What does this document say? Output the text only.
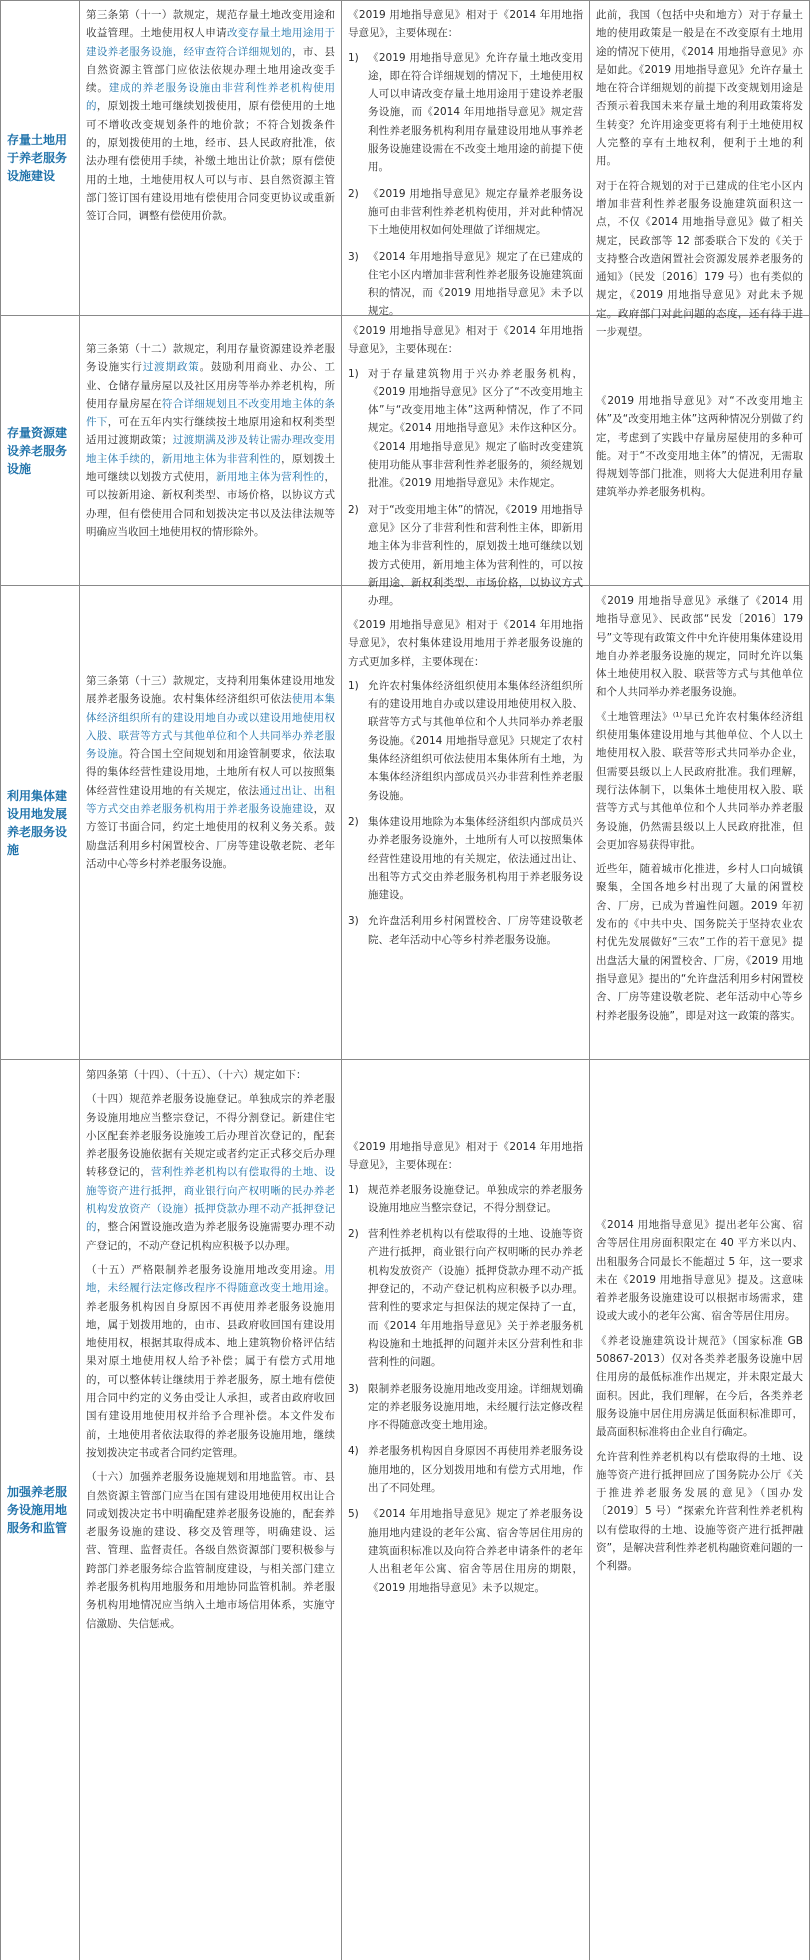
存量土地用于养老服务设施建设

第三条第（十一）款规定，规范存量土地改变用途和收益管理。土地使用权人申请改变存量土地用途用于建设养老服务设施，经审查符合详细规划的，市、县自然资源主管部门应依法依规办理土地用途改变手续。建成的养老服务设施由非营利性养老机构使用的，原划拨土地可继续划拨使用，原有偿使用的土地可不增收改变规划条件的地价款；不符合划拨条件的，原划拨使用的土地，经市、县人民政府批准，依法办理有偿使用手续，补缴土地出让价款；原有偿使用的土地，土地使用权人可以与市、县自然资源主管部门签订国有建设用地有偿使用合同变更协议或重新签订合同，调整有偿使用价款。

《2019 用地指导意见》相对于《2014 年用地指导意见》，主要体现在：

1) 《2019 用地指导意见》允许存量土地改变用途，即在符合详细规划的情况下，土地使用权人可以申请改变存量土地用途用于建设养老服务设施，而《2014 年用地指导意见》规定营利性养老服务机构利用存量建设用地从事养老服务设施建设需在不改变土地用途的前提下使用。
2) 《2019 用地指导意见》规定存量养老服务设施可由非营利性养老机构使用，并对此种情况下土地使用权如何处理做了详细规定。
3) 《2014 年用地指导意见》规定了在已建成的住宅小区内增加非营利性养老服务设施建筑面积的情况，而《2019 用地指导意见》未予以规定。

此前，我国（包括中央和地方）对于存量土地的使用政策是一般是在不改变原有土地用途的情况下使用，《2014 用地指导意见》亦是如此。《2019 用地指导意见》允许存量土地在符合详细规划的前提下改变规划用途是否预示着我国未来存量土地的利用政策将发生转变？允许用途变更将有利于土地使用权人完整的享有土地权利，便利于土地的利用。

对于在符合规划的对于已建成的住宅小区内增加非营利性养老服务设施建筑面积这一点，不仅《2014 用地指导意见》做了相关规定，民政部等 12 部委联合下发的《关于支持整合改造闲置社会资源发展养老服务的通知》（民发〔2016〕179 号）也有类似的规定，《2019 用地指导意见》对此未予规定。政府部门对此问题的态度，还有待于进一步观望。

存量资源建设养老服务设施

第三条第（十二）款规定，利用存量资源建设养老服务设施实行过渡期政策。鼓励利用商业、办公、工业、仓储存量房屋以及社区用房等举办养老机构，所使用存量房屋在符合详细规划且不改变用地主体的条件下，可在五年内实行继续按土地原用途和权利类型适用过渡期政策；过渡期满及涉及转让需办理改变用地主体手续的，新用地主体为非营利性的，原划拨土地可继续以划拨方式使用，新用地主体为营利性的，可以按新用途、新权利类型、市场价格，以协议方式办理，但有偿使用合同和划拨决定书以及法律法规等明确应当收回土地使用权的情形除外。

《2019 用地指导意见》相对于《2014 年用地指导意见》，主要体现在：

1) 对于存量建筑物用于兴办养老服务机构，《2019 用地指导意见》区分了“不改变用地主体”与“改变用地主体”这两种情况，作了不同规定。《2014 用地指导意见》未作这种区分。《2014 用地指导意见》规定了临时改变建筑使用功能从事非营利性养老服务的，须经规划批准。《2019 用地指导意见》未作规定。
2) 对于“改变用地主体”的情况，《2019 用地指导意见》区分了非营利性和营利性主体，即新用地主体为非营利性的，原划拨土地可继续以划拨方式使用，新用地主体为营利性的，可以按新用途、新权利类型、市场价格，以协议方式办理。

《2019 用地指导意见》对“不改变用地主体”及“改变用地主体”这两种情况分别做了约定，考虑到了实践中存量房屋使用的多种可能。对于“不改变用地主体”的情况，无需取得规划等部门批准，则将大大促进利用存量建筑举办养老服务机构。

利用集体建设用地发展养老服务设施

第三条第（十三）款规定，支持利用集体建设用地发展养老服务设施。农村集体经济组织可依法使用本集体经济组织所有的建设用地自办或以建设用地使用权入股、联营等方式与其他单位和个人共同举办养老服务设施。符合国土空间规划和用途管制要求，依法取得的集体经营性建设用地，土地所有权人可以按照集体经营性建设用地的有关规定，依法通过出让、出租等方式交由养老服务机构用于养老服务设施建设，双方签订书面合同，约定土地使用的权利义务关系。鼓励盘活利用乡村闲置校舍、厂房等建设敬老院、老年活动中心等乡村养老服务设施。

《2019 用地指导意见》相对于《2014 年用地指导意见》，农村集体建设用地用于养老服务设施的方式更加多样，主要体现在：

1) 允许农村集体经济组织使用本集体经济组织所有的建设用地自办或以建设用地使用权入股、联营等方式与其他单位和个人共同举办养老服务设施。《2014 用地指导意见》只规定了农村集体经济组织可依法使用本集体所有土地，为本集体经济组织内部成员兴办非营利性养老服务设施。
2) 集体建设用地除为本集体经济组织内部成员兴办养老服务设施外，土地所有人可以按照集体经营性建设用地的有关规定，依法通过出让、出租等方式交由养老服务机构用于养老服务设施建设。
3) 允许盘活利用乡村闲置校舍、厂房等建设敬老院、老年活动中心等乡村养老服务设施。

《2019 用地指导意见》承继了《2014 用地指导意见》、民政部“民发〔2016〕179 号”文等现有政策文件中允许使用集体建设用地自办养老服务设施的规定，同时允许以集体土地使用权入股、联营等方式与其他单位和个人共同举办养老服务设施。

《土地管理法》⁽¹⁾早已允许农村集体经济组织使用集体建设用地与其他单位、个人以土地使用权入股、联营等形式共同举办企业，但需要县级以上人民政府批准。我们理解，现行法体制下，以集体土地使用权入股、联营等方式与其他单位和个人共同举办养老服务设施，仍然需县级以上人民政府批准，但会更加容易获得审批。

近些年，随着城市化推进，乡村人口向城镇聚集，全国各地乡村出现了大量的闲置校舍、厂房，已成为普遍性问题。2019 年初发布的《中共中央、国务院关于坚持农业农村优先发展做好“三农”工作的若干意见》提出盘活大量的闲置校舍、厂房，《2019 用地指导意见》提出的“允许盘活利用乡村闲置校舍、厂房等建设敬老院、老年活动中心等乡村养老服务设施”，即是对这一政策的落实。

加强养老服务设施用地服务和监管

第四条第（十四）、（十五）、（十六）规定如下：

（十四）规范养老服务设施登记。单独成宗的养老服务设施用地应当整宗登记，不得分割登记。新建住宅小区配套养老服务设施竣工后办理首次登记的，配套养老服务设施依据有关规定或者约定正式移交后办理转移登记的，营利性养老机构以有偿取得的土地、设施等资产进行抵押，商业银行向产权明晰的民办养老机构发放资产（设施）抵押贷款办理不动产抵押登记的，整合闲置设施改造为养老服务设施需要办理不动产登记的，不动产登记机构应积极予以办理。

（十五）严格限制养老服务设施用地改变用途。用地，未经履行法定修改程序不得随意改变土地用途。养老服务机构因自身原因不再使用养老服务设施用地，属于划拨用地的，由市、县政府收回国有建设用地使用权，根据其取得成本、地上建筑物价格评估结果对原土地使用权人给予补偿；属于有偿方式用地的，可以整体转让继续用于养老服务，原土地有偿使用合同中约定的义务由受让人承担，或者由政府收回国有建设用地使用权并给予合理补偿。本文件发布前，土地使用者依法取得的养老服务设施用地，继续按划拨决定书或者合同约定管理。

（十六）加强养老服务设施规划和用地监管。市、县自然资源主管部门应当在国有建设用地使用权出让合同或划拨决定书中明确配建养老服务设施的，配套养老服务设施的建设、移交及管理等，明确建设、运营、管理、监督责任。各级自然资源部门要积极参与跨部门养老服务综合监管制度建设，与相关部门建立养老服务机构用地服务和用地协同监管机制。养老服务机构用地情况应当纳入土地市场信用体系，实施守信激励、失信惩戒。

《2019 用地指导意见》相对于《2014 年用地指导意见》，主要体现在：

1) 规范养老服务设施登记。单独成宗的养老服务设施用地应当整宗登记，不得分割登记。
2) 营利性养老机构以有偿取得的土地、设施等资产进行抵押，商业银行向产权明晰的民办养老机构发放资产（设施）抵押贷款办理不动产抵押登记的，不动产登记机构应积极予以办理。营利性的要求定与担保法的规定保持了一直，而《2014 年用地指导意见》关于养老服务机构设施和土地抵押的问题并未区分营利性和非营利性的问题。
3) 限制养老服务设施用地改变用途。详细规划确定的养老服务设施用地，未经履行法定修改程序不得随意改变土地用途。
4) 养老服务机构因自身原因不再使用养老服务设施用地的，区分划拨用地和有偿方式用地，作出了不同处理。
5) 《2014 年用地指导意见》规定了养老服务设施用地内建设的老年公寓、宿舍等居住用房的建筑面积标准以及向符合养老申请条件的老年人出租老年公寓、宿舍等居住用房的期限，《2019 用地指导意见》未予以规定。

《2014 用地指导意见》提出老年公寓、宿舍等居住用房面积限定在 40 平方米以内、出租服务合同最长不能超过 5 年，这一要求未在《2019 用地指导意见》提及。这意味着养老服务设施建设可以根据市场需求，建设或大或小的老年公寓、宿舍等居住用房。

《养老设施建筑设计规范》（国家标准 GB 50867-2013）仅对各类养老服务设施中居住用房的最低标准作出规定，并未限定最大面积。因此，我们理解，在今后，各类养老服务设施中居住用房满足低面积标准即可，最高面积标准将由企业自行确定。

允许营利性养老机构以有偿取得的土地、设施等资产进行抵押回应了国务院办公厅《关于推进养老服务发展的意见》（国办发〔2019〕5 号）“探索允许营利性养老机构以有偿取得的土地、设施等资产进行抵押融资”，是解决营利性养老机构融资难问题的一个利器。
